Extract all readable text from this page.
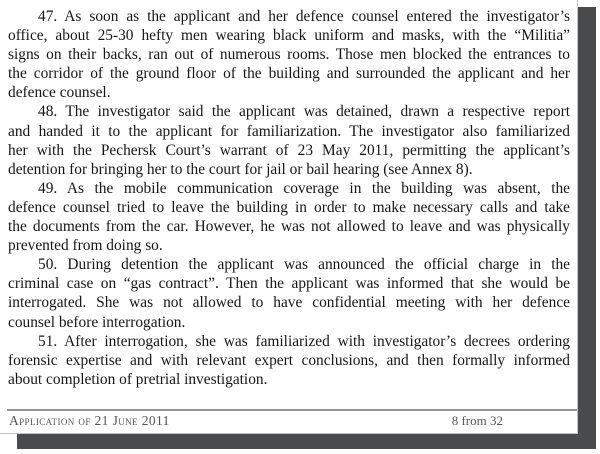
47. As soon as the applicant and her defence counsel entered the investigator’s
office, about 25-30 hefty men wearing black uniform and masks, with the “Militia”
signs on their backs, ran out of numerous rooms. Those men blocked the entrances to
the corridor of the ground floor of the building and surrounded the applicant and her
defence counsel.
48. The investigator said the applicant was detained, drawn a respective report
and handed it to the applicant for familiarization. The investigator also familiarized
her with the Pechersk Court’s warrant of 23 May 2011, permitting the applicant’s
detention for bringing her to the court for jail or bail hearing (see Annex 8).
49. As the mobile communication coverage in the building was absent, the
defence counsel tried to leave the building in order to make necessary calls and take
the documents from the car. However, he was not allowed to leave and was physically
prevented from doing so.
50. During detention the applicant was announced the official charge in the
criminal case on “gas contract”. Then the applicant was informed that she would be
interrogated. She was not allowed to have confidential meeting with her defence
counsel before interrogation.
51. After interrogation, she was familiarized with investigator’s decrees ordering
forensic expertise and with relevant expert conclusions, and then formally informed
about completion of pretrial investigation.
Application of 21 June 2011	8 from 32
